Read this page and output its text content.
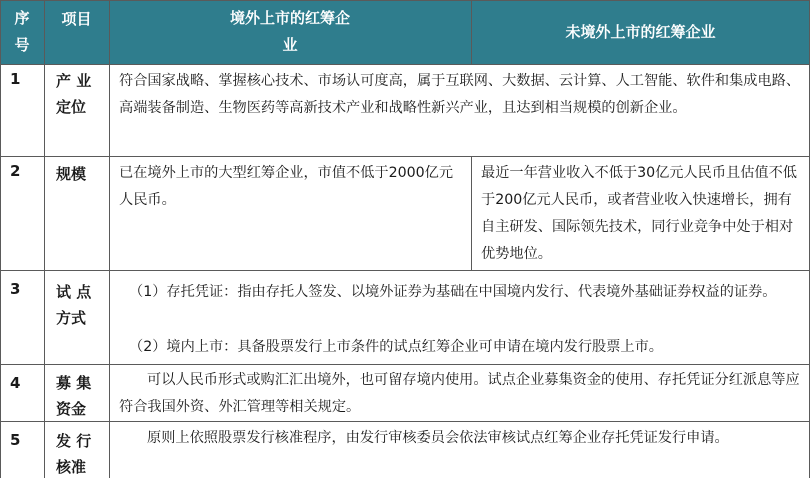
序号
项目	境外上市的红筹企业
未境外上市的红筹企业
1 产 业 定位
符合国家战略、掌握核心技术、市场认可度高，属于互联网、大数据、云计算、人工智能、软件和集成电路、高端装备制造、生物医药等高新技术产业和战略性新兴产业，且达到相当规模的创新企业。
2 规模	已在境外上市的大型红筹企业，市值不低于2000亿元人民币。
最近一年营业收入不低于30亿元人民币且估值不低于200亿元人民币，或者营业收入快速增长，拥有自主研发、国际领先技术，同行业竞争中处于相对优势地位。
3 试 点 方式
（1）存托凭证：指由存托人签发、以境外证券为基础在中国境内发行、代表境外基础证券权益的证券。
（2）境内上市：具备股票发行上市条件的试点红筹企业可申请在境内发行股票上市。
4 募 集 资金
可以人民币形式或购汇汇出境外，也可留存境内使用。试点企业募集资金的使用、存托凭证分红派息等应符合我国外资、外汇管理等相关规定。
5 发 行 核准
原则上依照股票发行核准程序，由发行审核委员会依法审核试点红筹企业存托凭证发行申请。
